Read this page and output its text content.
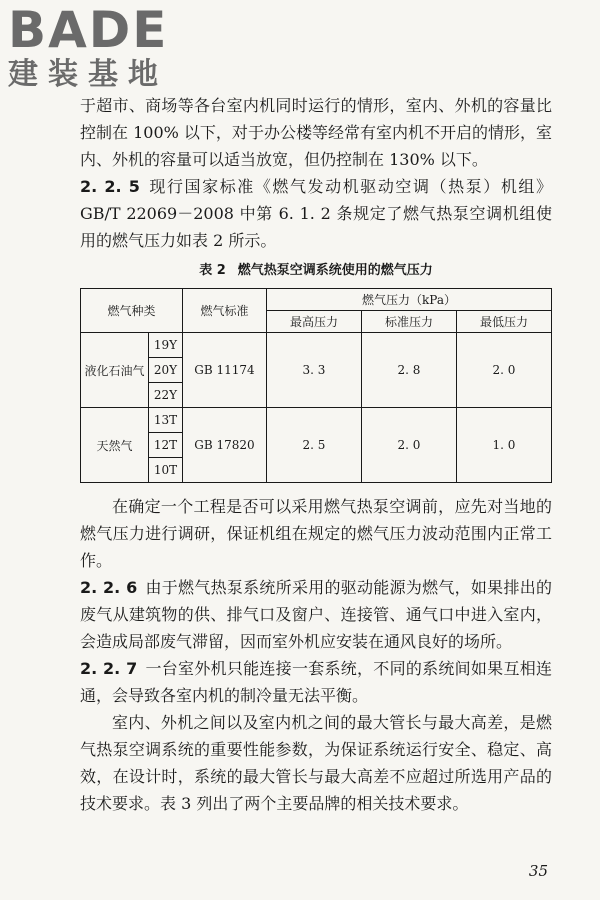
BADE
建装基地

于超市、商场等各台室内机同时运行的情形，室内、外机的容量比控制在 100% 以下，对于办公楼等经常有室内机不开启的情形，室内、外机的容量可以适当放宽，但仍控制在 130% 以下。

2. 2. 5 现行国家标准《燃气发动机驱动空调（热泵）机组》GB/T 22069－2008 中第 6. 1. 2 条规定了燃气热泵空调机组使用的燃气压力如表 2 所示。

表 2 燃气热泵空调系统使用的燃气压力
燃气种类		燃气标准	燃气压力（kPa）		
			最高压力	标准压力	最低压力
液化石油气	19Y	GB 11174	3. 3	2. 8	2. 0
	20Y				
	22Y				
天然气	13T	GB 17820	2. 5	2. 0	1. 0
	12T				
	10T				

在确定一个工程是否可以采用燃气热泵空调前，应先对当地的燃气压力进行调研，保证机组在规定的燃气压力波动范围内正常工作。

2. 2. 6 由于燃气热泵系统所采用的驱动能源为燃气，如果排出的废气从建筑物的供、排气口及窗户、连接管、通气口中进入室内，会造成局部废气滞留，因而室外机应安装在通风良好的场所。

2. 2. 7 一台室外机只能连接一套系统，不同的系统间如果互相连通，会导致各室内机的制冷量无法平衡。

室内、外机之间以及室内机之间的最大管长与最大高差，是燃气热泵空调系统的重要性能参数，为保证系统运行安全、稳定、高效，在设计时，系统的最大管长与最大高差不应超过所选用产品的技术要求。表 3 列出了两个主要品牌的相关技术要求。

35
